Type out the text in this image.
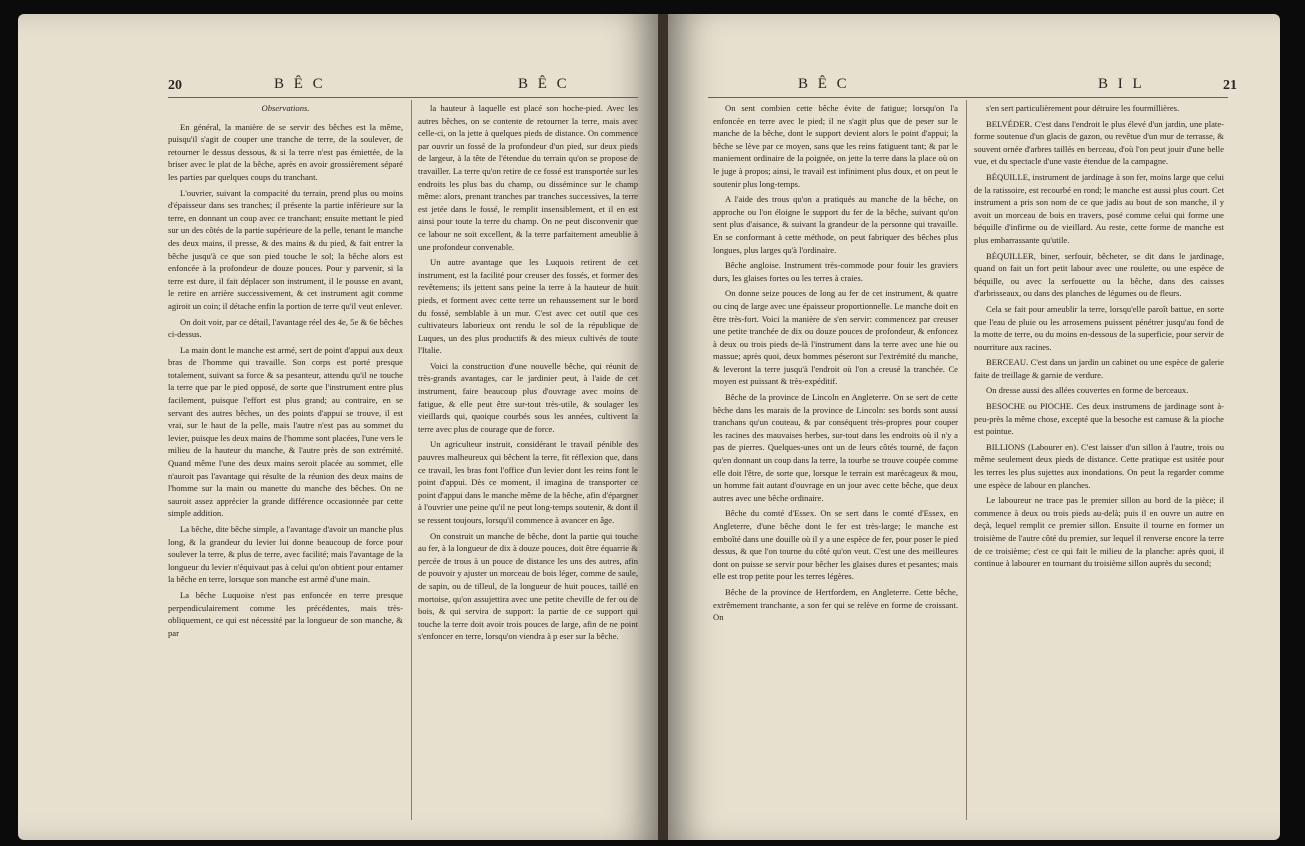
20	B Ê C	B Ê C

Observations.

En général, la manière de se servir des bêches est la même, puisqu'il s'agit de couper une tranche de terre, de la soulever, de retourner le dessus dessous, & si la terre n'est pas émiettée, de la briser avec le plat de la bêche, après en avoir grossièrement séparé les parties par quelques coups du tranchant.

L'ouvrier, suivant la compacité du terrain, prend plus ou moins d'épaisseur dans ses tranches; il présente la partie inférieure sur la terre, en donnant un coup avec ce tranchant; ensuite mettant le pied sur un des côtés de la partie supérieure de la pelle, tenant le manche des deux mains, il presse, & des mains & du pied, & fait entrer la bêche jusqu'à ce que son pied touche le sol; la bêche alors est enfoncée à la profondeur de douze pouces. Pour y parvenir, si la terre est dure, il fait déplacer son instrument, il le pousse en avant, le retire en arrière successivement, & cet instrument agit comme agiroit un coin; il détache enfin la portion de terre qu'il veut enlever.

On doit voir, par ce détail, l'avantage réel des 4e, 5e & 6e bêches ci-dessus.

La main dont le manche est armé, sert de point d'appui aux deux bras de l'homme qui travaille. Son corps est porté presque totalement, suivant sa force & sa pesanteur, attendu qu'il ne touche la terre que par le pied opposé, de sorte que l'instrument entre plus facilement, puisque l'effort est plus grand; au contraire, en se servant des autres bêches, un des points d'appui se trouve, il est vrai, sur le haut de la pelle, mais l'autre n'est pas au sommet du levier, puisque les deux mains de l'homme sont placées, l'une vers le milieu de la hauteur du manche, & l'autre près de son extrémité. Quand même l'une des deux mains seroit placée au sommet, elle n'auroit pas l'avantage qui résulte de la réunion des deux mains de l'homme sur la main ou manette du manche des bêches. On ne sauroit assez apprécier la grande différence occasionnée par cette simple addition.

La bêche, dite bêche simple, a l'avantage d'avoir un manche plus long, & la grandeur du levier lui donne beaucoup de force pour soulever la terre, & plus de terre, avec facilité; mais l'avantage de la longueur du levier n'équivaut pas à celui qu'on obtient pour entamer la bêche en terre, lorsque son manche est armé d'une main.

La bêche Luquoise n'est pas enfoncée en terre presque perpendiculairement comme les précédentes, mais très-obliquement, ce qui est nécessité par la longueur de son manche, & par

la hauteur à laquelle est placé son hoche-pied. Avec les autres bêches, on se contente de retourner la terre, mais avec celle-ci, on la jette à quelques pieds de distance. On commence par ouvrir un fossé de la profondeur d'un pied, sur deux pieds de largeur, à la tête de l'étendue du terrain qu'on se propose de travailler. La terre qu'on retire de ce fossé est transportée sur les endroits les plus bas du champ, ou dissémince sur le champ même: alors, prenant tranches par tranches successives, la terre est jetée dans le fossé, le remplit insensiblement, et il en est ainsi pour toute la terre du champ. On ne peut disconvenir que ce labour ne soit excellent, & la terre parfaitement ameublie à une profondeur convenable.

Un autre avantage que les Luquois retirent de cet instrument, est la facilité pour creuser des fossés, et former des revêtemens; ils jettent sans peine la terre à la hauteur de huit pieds, et forment avec cette terre un rehaussement sur le bord du fossé, semblable à un mur. C'est avec cet outil que ces cultivateurs laborieux ont rendu le sol de la république de Luques, un des plus productifs & des mieux cultivés de toute l'Italie.

Voici la construction d'une nouvelle bêche, qui réunit de très-grands avantages, car le jardinier peut, à l'aide de cet instrument, faire beaucoup plus d'ouvrage avec moins de fatigue, & elle peut être sur-tout très-utile, & soulager les vieillards qui, quoique courbés sous les années, cultivent la terre avec plus de courage que de force.

Un agriculteur instruit, considérant le travail pénible des pauvres malheureux qui bêchent la terre, fit réflexion que, dans ce travail, les bras font l'office d'un levier dont les reins font le point d'appui. Dès ce moment, il imagina de transporter ce point d'appui dans le manche même de la bêche, afin d'épargner à l'ouvrier une peine qu'il ne peut long-temps soutenir, & dont il se ressent toujours, lorsqu'il commence à avancer en âge.

On construit un manche de bêche, dont la partie qui touche au fer, à la longueur de dix à douze pouces, doit être équarrie & percée de trous à un pouce de distance les uns des autres, afin de pouvoir y ajuster un morceau de bois léger, comme de saule, de sapin, ou de tilleul, de la longueur de huit pouces, taillé en mortoise, qu'on assujettira avec une petite cheville de fer ou de bois, & qui servira de support: la partie de ce support qui touche la terre doit avoir trois pouces de large, afin de ne point s'enfoncer en terre, lorsqu'on viendra à p eser sur la bêche.

B Ê C	B I L	21

On sent combien cette bêche évite de fatigue; lorsqu'on l'a enfoncée en terre avec le pied; il ne s'agit plus que de peser sur le manche de la bêche, dont le support devient alors le point d'appui; la bêche se lève par ce moyen, sans que les reins fatiguent tant; & par le maniement ordinaire de la poignée, on jette la terre dans la place où on le juge à propos; ainsi, le travail est infiniment plus doux, et on peut le soutenir plus long-temps.

A l'aide des trous qu'on a pratiqués au manche de la bêche, on approche ou l'on éloigne le support du fer de la bêche, suivant qu'on sent plus d'aisance, & suivant la grandeur de la personne qui travaille. En se conformant à cette méthode, on peut fabriquer des bêches plus longues, plus larges qu'à l'ordinaire.

Bêche angloise. Instrument très-commode pour fouir les graviers durs, les glaises fortes ou les terres à craies.

On donne seize pouces de long au fer de cet instrument, & quatre ou cinq de large avec une épaisseur proportionnelle. Le manche doit en être très-fort. Voici la manière de s'en servir: commencez par creuser une petite tranchée de dix ou douze pouces de profondeur, & enfoncez à deux ou trois pieds de-là l'instrument dans la terre avec une hie ou massue; après quoi, deux hommes péseront sur l'extrémité du manche, & leveront la terre jusqu'à l'endroit où l'on a creusé la tranchée. Ce moyen est puissant & très-expéditif.

Bêche de la province de Lincoln en Angleterre. On se sert de cette bêche dans les marais de la province de Lincoln: ses bords sont aussi tranchans qu'un couteau, & par conséquent très-propres pour couper les racines des mauvaises herbes, sur-tout dans les endroits où il n'y a pas de pierres. Quelques-unes ont un de leurs côtés tourné, de façon qu'en donnant un coup dans la terre, la tourbe se trouve coupée comme elle doit l'être, de sorte que, lorsque le terrain est marécageux & mou, un homme fait autant d'ouvrage en un jour avec cette bêche, que deux autres avec une bêche ordinaire.

Bêche du comté d'Essex. On se sert dans le comté d'Essex, en Angleterre, d'une bêche dont le fer est très-large; le manche est emboîté dans une douille où il y a une espèce de fer, pour poser le pied dessus, & que l'on tourne du côté qu'on veut. C'est une des meilleures dont on puisse se servir pour bêcher les glaises dures et pesantes; mais elle est trop petite pour les terres légères.

Bêche de la province de Hertfordem, en Angleterre. Cette bêche, extrêmement tranchante, a son fer qui se relève en forme de croissant. On

s'en sert particulièrement pour détruire les fourmillières.

BELVÉDER. C'est dans l'endroit le plus élevé d'un jardin, une plate-forme soutenue d'un glacis de gazon, ou revêtue d'un mur de terrasse, & souvent ornée d'arbres taillés en berceau, d'où l'on peut jouir d'une belle vue, et du spectacle d'une vaste étendue de la campagne.

BÉQUILLE, instrument de jardinage à son fer, moins large que celui de la ratissoire, est recourbé en rond; le manche est aussi plus court. Cet instrument a pris son nom de ce que jadis au bout de son manche, il y avoit un morceau de bois en travers, posé comme celui qui forme une béquille d'infirme ou de vieillard. Au reste, cette forme de manche est plus embarrassante qu'utile.

BÉQUILLER, biner, serfouir, bêcheter, se dit dans le jardinage, quand on fait un fort petit labour avec une roulette, ou une espèce de béquille, ou avec la serfouette ou la bêche, dans des caisses d'arbrisseaux, ou dans des planches de légumes ou de fleurs.

Cela se fait pour ameublir la terre, lorsqu'elle paroît battue, en sorte que l'eau de pluie ou les arrosemens puissent pénétrer jusqu'au fond de la motte de terre, ou du moins en-dessous de la superficie, pour servir de nourriture aux racines.

BERCEAU. C'est dans un jardin un cabinet ou une espèce de galerie faite de treillage & garnie de verdure.

On dresse aussi des allées couvertes en forme de berceaux.

BESOCHE ou PIOCHE. Ces deux instrumens de jardinage sont à-peu-près la même chose, excepté que la besoche est camuse & la pioche est pointue.

BILLIONS (Labourer en). C'est laisser d'un sillon à l'autre, trois ou même seulement deux pieds de distance. Cette pratique est usitée pour les terres les plus sujettes aux inondations. On peut la regarder comme une espèce de labour en planches.

Le laboureur ne trace pas le premier sillon au bord de la pièce; il commence à deux ou trois pieds au-delà; puis il en ouvre un autre en deçà, lequel remplit ce premier sillon. Ensuite il tourne en former un troisième de l'autre côté du premier, sur lequel il renverse encore la terre de ce troisième; c'est ce qui fait le milieu de la planche: après quoi, il continue à labourer en tournant du troisième sillon auprès du second;
